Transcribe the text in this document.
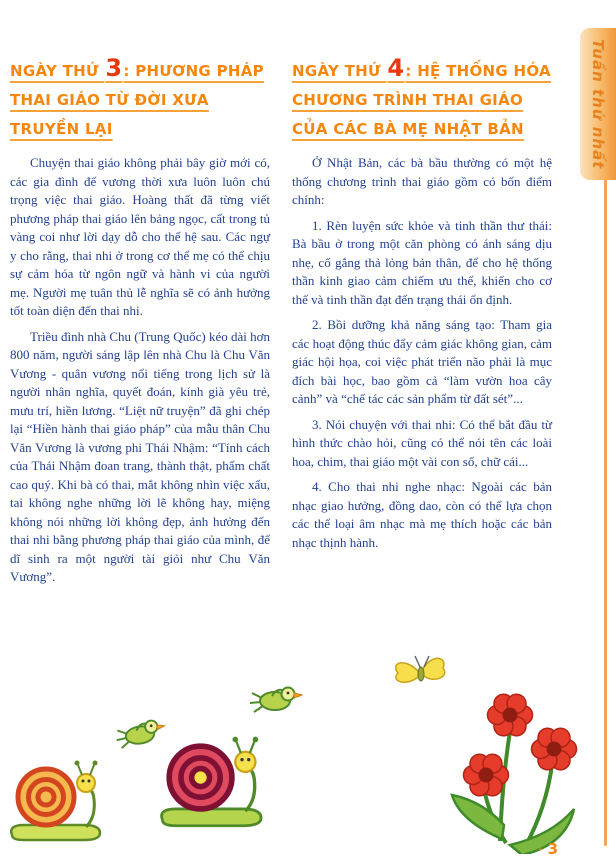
Tuần thứ nhất
NGÀY THỨ 3: PHƯƠNG PHÁP THAI GIÁO TỪ ĐỜI XƯA TRUYỀN LẠI

Chuyện thai giáo không phải bây giờ mới có, các gia đình đế vương thời xưa luôn luôn chú trọng việc thai giáo. Hoàng thất đã từng viết phương pháp thai giáo lên bảng ngọc, cất trong tủ vàng coi như lời dạy dỗ cho thế hệ sau. Các ngự y cho rằng, thai nhi ở trong cơ thể mẹ có thể chịu sự cảm hóa từ ngôn ngữ và hành vi của người mẹ. Người mẹ tuân thủ lễ nghĩa sẽ có ảnh hưởng tốt toàn diện đến thai nhi.

Triều đình nhà Chu (Trung Quốc) kéo dài hơn 800 năm, người sáng lập lên nhà Chu là Chu Văn Vương - quân vương nổi tiếng trong lịch sử là người nhân nghĩa, quyết đoán, kính già yêu trẻ, mưu trí, hiền lương. “Liệt nữ truyện” đã ghi chép lại “Hiền hành thai giáo pháp” của mẫu thân Chu Văn Vương là vương phi Thái Nhậm: “Tính cách của Thái Nhậm đoan trang, thành thật, phẩm chất cao quý. Khi bà có thai, mắt không nhìn việc xấu, tai không nghe những lời lẽ không hay, miệng không nói những lời không đẹp, ảnh hưởng đến thai nhi bằng phương pháp thai giáo của mình, để dĩ sinh ra một người tài giỏi như Chu Văn Vương”.

NGÀY THỨ 4: HỆ THỐNG HÓA CHƯƠNG TRÌNH THAI GIÁO CỦA CÁC BÀ MẸ NHẬT BẢN

Ở Nhật Bản, các bà bầu thường có một hệ thống chương trình thai giáo gồm có bốn điểm chính:

1. Rèn luyện sức khỏe và tinh thần thư thái: Bà bầu ở trong một căn phòng có ánh sáng dịu nhẹ, cố gắng thả lỏng bản thân, để cho hệ thống thần kinh giao cảm chiếm ưu thế, khiến cho cơ thể và tinh thần đạt đến trạng thái ổn định.

2. Bồi dưỡng khả năng sáng tạo: Tham gia các hoạt động thúc đẩy cảm giác không gian, cảm giác hội họa, coi việc phát triển não phải là mục đích bài học, bao gồm cả “làm vườn hoa cây cảnh” và “chế tác các sản phẩm từ đất sét”...

3. Nói chuyện với thai nhi: Có thể bắt đầu từ hình thức chào hỏi, cũng có thể nói tên các loài hoa, chim, thai giáo một vài con số, chữ cái...

4. Cho thai nhi nghe nhạc: Ngoài các bản nhạc giao hưởng, đồng dao, còn có thể lựa chọn các thể loại âm nhạc mà mẹ thích hoặc các bản nhạc thịnh hành.

· 3
